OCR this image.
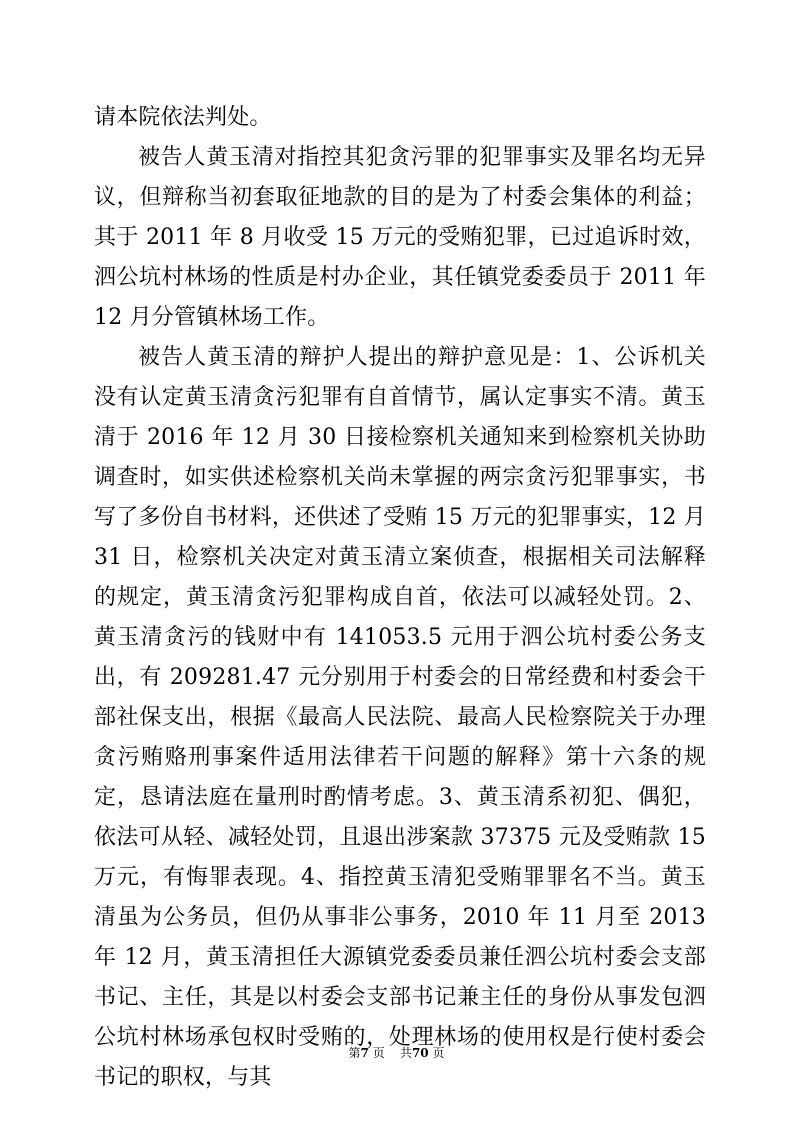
请本院依法判处。

被告人黄玉清对指控其犯贪污罪的犯罪事实及罪名均无异议，但辩称当初套取征地款的目的是为了村委会集体的利益；其于 2011 年 8 月收受 15 万元的受贿犯罪，已过追诉时效，泗公坑村林场的性质是村办企业，其任镇党委委员于 2011 年 12 月分管镇林场工作。

被告人黄玉清的辩护人提出的辩护意见是：1、公诉机关没有认定黄玉清贪污犯罪有自首情节，属认定事实不清。黄玉清于 2016 年 12 月 30 日接检察机关通知来到检察机关协助调查时，如实供述检察机关尚未掌握的两宗贪污犯罪事实，书写了多份自书材料，还供述了受贿 15 万元的犯罪事实，12 月 31 日，检察机关决定对黄玉清立案侦查，根据相关司法解释的规定，黄玉清贪污犯罪构成自首，依法可以减轻处罚。2、黄玉清贪污的钱财中有 141053.5 元用于泗公坑村委公务支出，有 209281.47 元分别用于村委会的日常经费和村委会干部社保支出，根据《最高人民法院、最高人民检察院关于办理贪污贿赂刑事案件适用法律若干问题的解释》第十六条的规定，恳请法庭在量刑时酌情考虑。3、黄玉清系初犯、偶犯，依法可从轻、减轻处罚，且退出涉案款 37375 元及受贿款 15 万元，有悔罪表现。4、指控黄玉清犯受贿罪罪名不当。黄玉清虽为公务员，但仍从事非公事务，2010 年 11 月至 2013 年 12 月，黄玉清担任大源镇党委委员兼任泗公坑村委会支部书记、主任，其是以村委会支部书记兼主任的身份从事发包泗公坑村林场承包权时受贿的，处理林场的使用权是行使村委会书记的职权，与其

第7 页    共70 页
